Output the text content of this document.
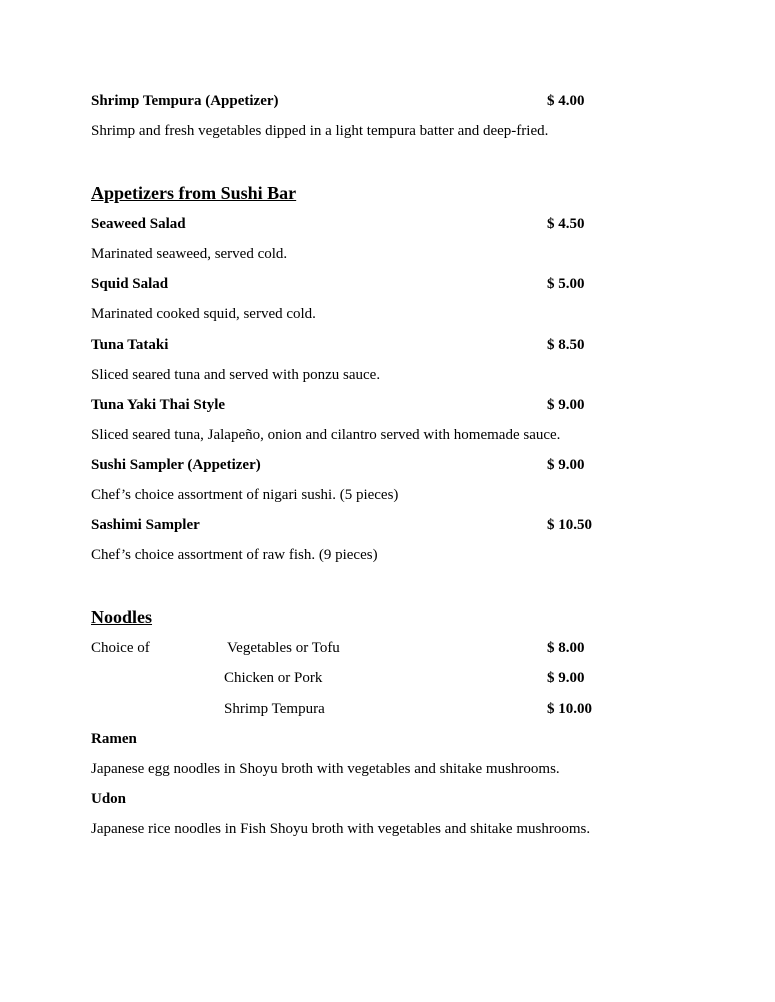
Shrimp Tempura (Appetizer)	$ 4.00
Shrimp and fresh vegetables dipped in a light tempura batter and deep-fried.
Appetizers from Sushi Bar
Seaweed Salad	$ 4.50
Marinated seaweed, served cold.
Squid Salad	$ 5.00
Marinated cooked squid, served cold.
Tuna Tataki	$ 8.50
Sliced seared tuna and served with ponzu sauce.
Tuna Yaki Thai Style	$ 9.00
Sliced seared tuna, Jalapeño, onion and cilantro served with homemade sauce.
Sushi Sampler (Appetizer)	$ 9.00
Chef’s choice assortment of nigari sushi. (5 pieces)
Sashimi Sampler	$ 10.50
Chef’s choice assortment of raw fish. (9 pieces)
Noodles
Choice of	Vegetables or Tofu	$ 8.00
Chicken or Pork	$ 9.00
Shrimp Tempura	$ 10.00
Ramen
Japanese egg noodles in Shoyu broth with vegetables and shitake mushrooms.
Udon
Japanese rice noodles in Fish Shoyu broth with vegetables and shitake mushrooms.
